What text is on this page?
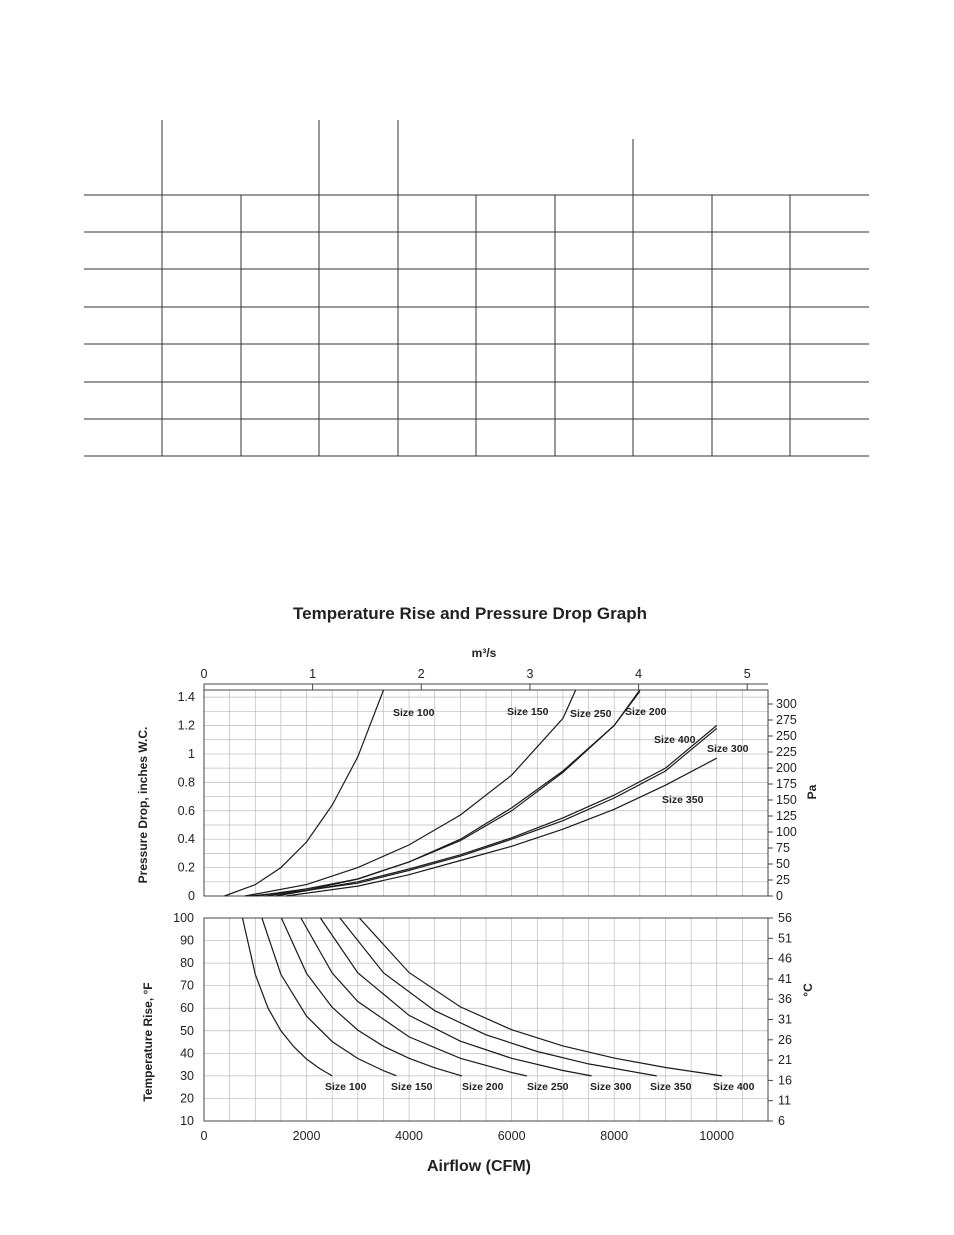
Temperature Rise and Pressure Drop Graph
0
0.2
0.4
0.6
0.8
1
1.2
1.4
0
25
50
75
100
125
150
175
200
225
250
275
300
0	1	2	3	4	5
10
20
30
40
50
60
70
80
90
100
6
11
16
21
26
31
36
41
46
51
56
0	2000	4000	6000	8000	10000
m³/s
Pressure Drop, inches W.C.	Pa
Temperature Rise, °F	°C
Airflow (CFM)
Size 100	Size 150 Size 250 Size 200
Size 400
Size 300
Size 350
Size 100 Size 150	Size 200 Size 250 Size 300 Size 350 Size 400
